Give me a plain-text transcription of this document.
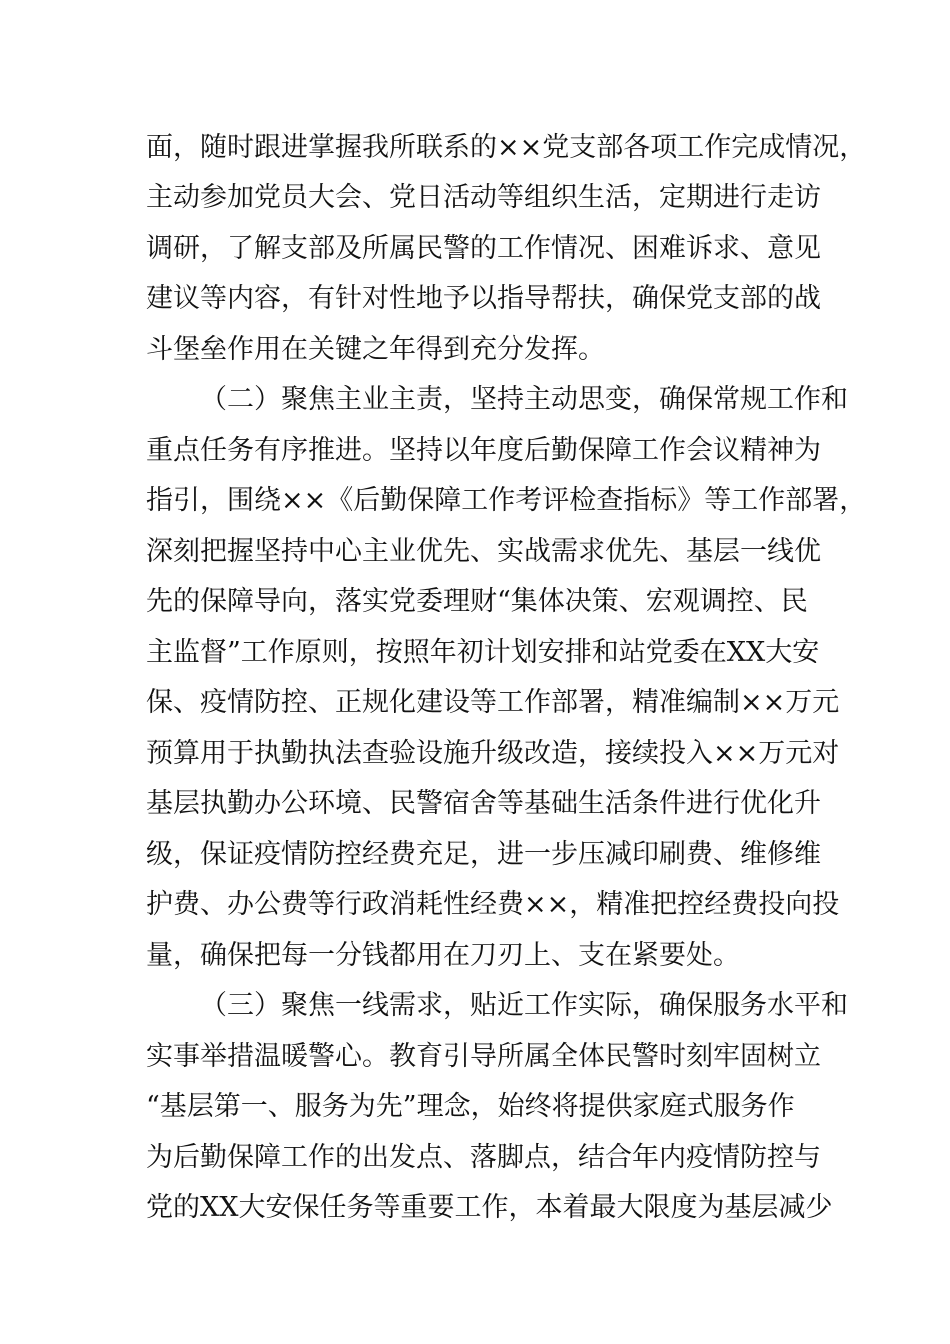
面，随时跟进掌握我所联系的××党支部各项工作完成情况，
主动参加党员大会、党日活动等组织生活，定期进行走访
调研，了解支部及所属民警的工作情况、困难诉求、意见
建议等内容，有针对性地予以指导帮扶，确保党支部的战
斗堡垒作用在关键之年得到充分发挥。
（二）聚焦主业主责，坚持主动思变，确保常规工作和
重点任务有序推进。坚持以年度后勤保障工作会议精神为
指引，围绕××《后勤保障工作考评检查指标》等工作部署，
深刻把握坚持中心主业优先、实战需求优先、基层一线优
先的保障导向，落实党委理财“集体决策、宏观调控、民
主监督”工作原则，按照年初计划安排和站党委在XX大安
保、疫情防控、正规化建设等工作部署，精准编制××万元
预算用于执勤执法查验设施升级改造，接续投入××万元对
基层执勤办公环境、民警宿舍等基础生活条件进行优化升
级，保证疫情防控经费充足，进一步压减印刷费、维修维
护费、办公费等行政消耗性经费××，精准把控经费投向投
量，确保把每一分钱都用在刀刃上、支在紧要处。
（三）聚焦一线需求，贴近工作实际，确保服务水平和
实事举措温暖警心。教育引导所属全体民警时刻牢固树立
“基层第一、服务为先”理念，始终将提供家庭式服务作
为后勤保障工作的出发点、落脚点，结合年内疫情防控与
党的XX大安保任务等重要工作，本着最大限度为基层减少
